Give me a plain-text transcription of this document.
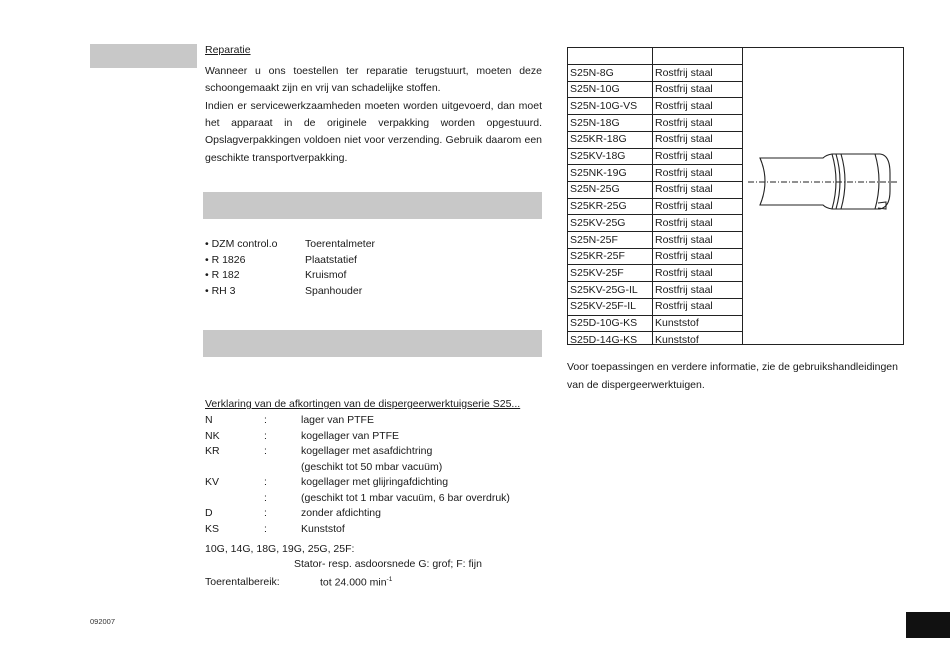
Reparatie
Wanneer u ons toestellen ter reparatie terugstuurt, moeten deze schoongemaakt zijn en vrij van schadelijke stoffen.
Indien er servicewerkzaamheden moeten worden uitgevoerd, dan moet het apparaat in de originele verpakking worden opgestuurd. Opslagverpakkingen voldoen niet voor verzending. Gebruik daarom een geschikte transportverpakking.
• DZM control.o	Toerentalmeter
• R 1826	Plaatstatief
• R 182	Kruismof
• RH 3	Spanhouder
Verklaring van de afkortingen van de dispergeerwerktuigserie S25...
N	:	lager van PTFE
NK	:	kogellager van PTFE
KR	:	kogellager met asafdichtring
(geschikt tot 50 mbar vacuüm)
KV	:	kogellager met glijringafdichting
:	(geschikt tot 1 mbar vacuüm, 6 bar overdruk)
D	:	zonder afdichting
KS	:	Kunststof
10G, 14G, 18G, 19G, 25G, 25F:
Stator- resp. asdoorsnede G: grof; F: fijn
Toerentalbereik:	tot 24.000 $\min^{-1}$
092007
S25N-8G	Rostfrij staal
S25N-10G	Rostfrij staal
S25N-10G-VS Rostfrij staal
S25N-18G	Rostfrij staal
S25KR-18G	Rostfrij staal
S25KV-18G	Rostfrij staal
S25NK-19G	Rostfrij staal
S25N-25G	Rostfrij staal
S25KR-25G	Rostfrij staal
S25KV-25G	Rostfrij staal
S25N-25F	Rostfrij staal
S25KR-25F	Rostfrij staal
S25KV-25F	Rostfrij staal
S25KV-25G-IL Rostfrij staal
S25KV-25F-IL Rostfrij staal
S25D-10G-KS Kunststof
S25D-14G-KS Kunststof
Voor toepassingen en verdere informatie, zie de gebruikshandleidingen van de dispergeerwerktuigen.
